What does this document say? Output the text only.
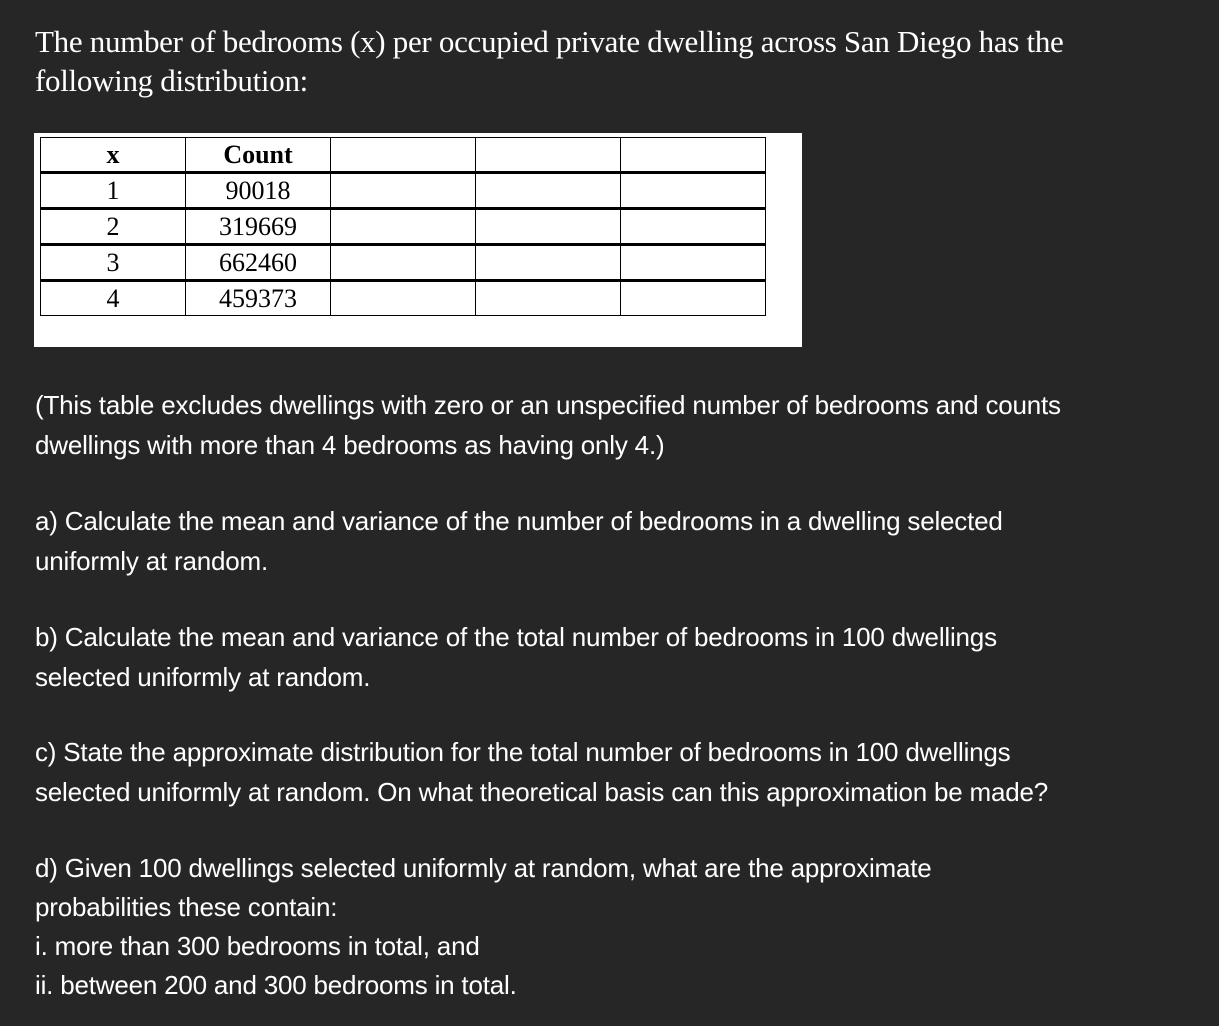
The number of bedrooms (x) per occupied private dwelling across San Diego has the
following distribution:

x	Count			
1	90018			
2	319669			
3	662460			
4	459373			

(This table excludes dwellings with zero or an unspecified number of bedrooms and counts
dwellings with more than 4 bedrooms as having only 4.)

a) Calculate the mean and variance of the number of bedrooms in a dwelling selected
uniformly at random.

b) Calculate the mean and variance of the total number of bedrooms in 100 dwellings
selected uniformly at random.

c) State the approximate distribution for the total number of bedrooms in 100 dwellings
selected uniformly at random. On what theoretical basis can this approximation be made?

d) Given 100 dwellings selected uniformly at random, what are the approximate
probabilities these contain:
i. more than 300 bedrooms in total, and
ii. between 200 and 300 bedrooms in total.
